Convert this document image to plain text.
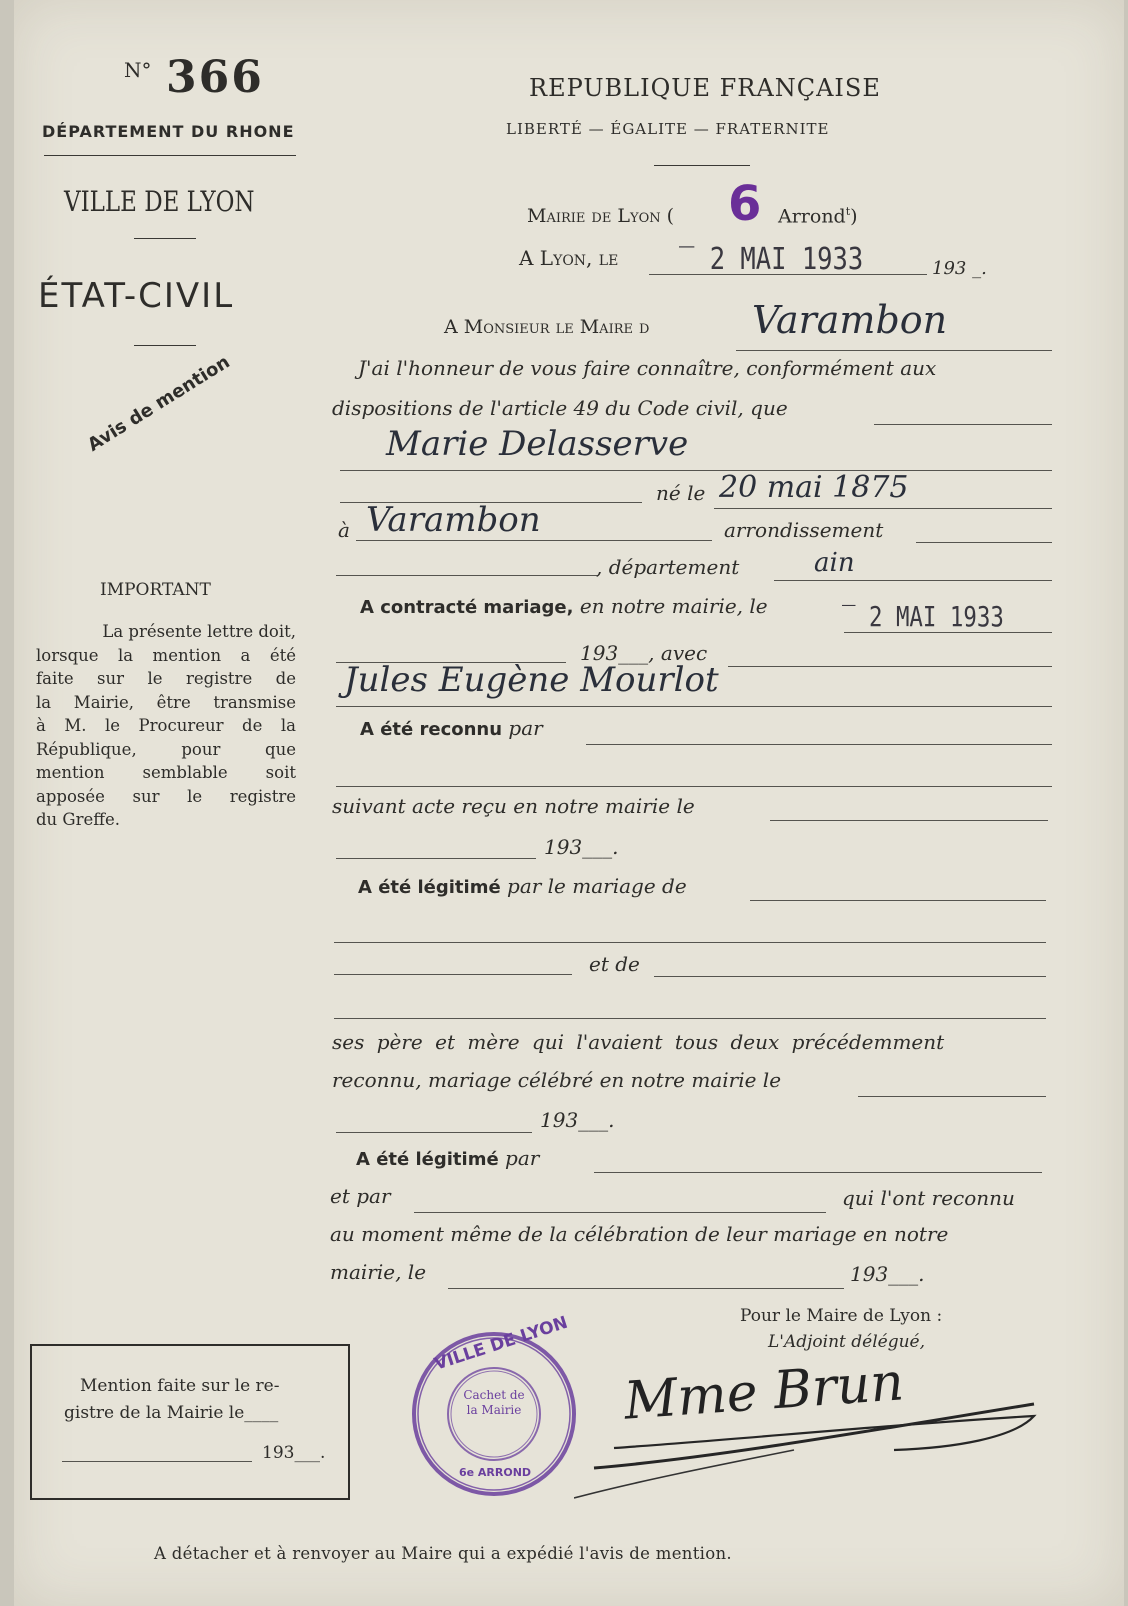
N° 366
DÉPARTEMENT DU RHONE
VILLE DE LYON
ÉTAT-CIVIL
Avis de mention
IMPORTANT
La présente lettre doit,
lorsque la mention a été
faite sur le registre de
la Mairie, être transmise
à M. le Procureur de la
République, pour que
mention semblable soit
apposée sur le registre
du Greffe.
REPUBLIQUE FRANÇAISE
LIBERTÉ — ÉGALITE — FRATERNITE
Mairie de Lyon ( 6 Arrond$^t$)
A Lyon, le ‾ 2 MAI 1933	193 _.
A Monsieur le Maire d	Varambon
J'ai l'honneur de vous faire connaître, conformément aux
dispositions de l'article 49 du Code civil, que
Marie Delasserve
né le 20 mai 1875
à Varambon	arrondissement
, département	ain
A contracté mariage, en notre mairie, le	‾ 2 MAI 1933
193___, avec
Jules Eugène Mourlot
A été reconnu par
suivant acte reçu en notre mairie le
193___.
A été légitimé par le mariage de
et de
ses père et mère qui l'avaient tous deux précédemment
reconnu, mariage célébré en notre mairie le
193___.
A été légitimé par
et par	qui l'ont reconnu
au moment même de la célébration de leur mariage en notre
mairie, le	193___.
Pour le Maire de Lyon :
L'Adjoint délégué,
Mme Brun
VILLE DE LYON
6e ARROND
Cachet de la Mairie
Mention faite sur le re-
gistre de la Mairie le____
193___.
A détacher et à renvoyer au Maire qui a expédié l'avis de mention.
